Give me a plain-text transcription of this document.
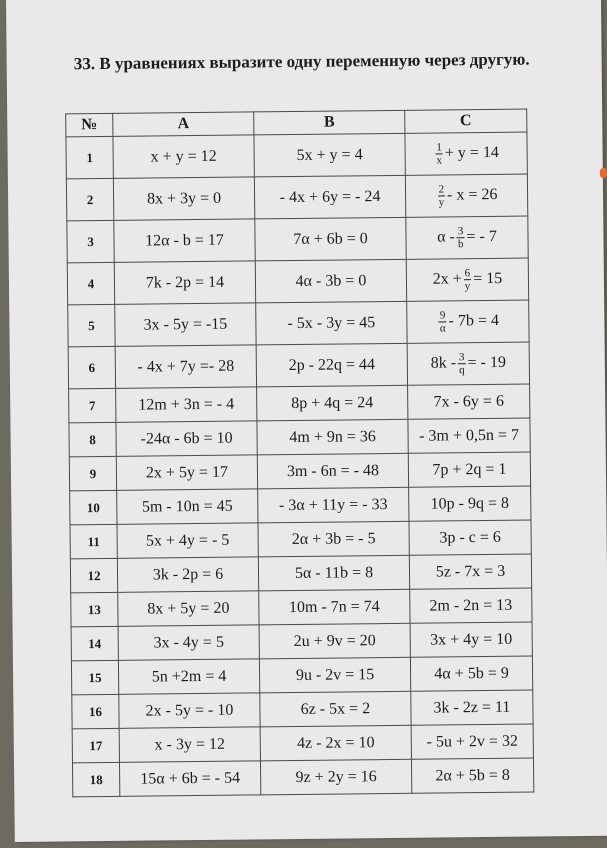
33. В уравнениях выразите одну переменную через другую.
№	A	B	C
1	x + y = 12	5x + y = 4	$\frac{1}{x} + y = 14$
2	8x + 3y = 0	- 4x + 6y = - 24	$\frac{2}{y} - x = 26$
3	12α - b = 17	7α + 6b = 0	α - $\frac{3}{b}$ = - 7
4	7k - 2p = 14	4α - 3b = 0	$2x + \frac{6}{y} = 15$
5	3x - 5y = -15	- 5x - 3y = 45	$\frac{9}{\alpha} - 7b = 4$
6	- 4x + 7y =- 28	2p - 22q = 44	$8k - \frac{3}{q}$ = - 19
7	12m + 3n = - 4	8p + 4q = 24	7x - 6y = 6
8	-24α - 6b = 10	4m + 9n = 36	- 3m + 0,5n = 7
9	2x + 5y = 17	3m - 6n = - 48	7p + 2q = 1
10	5m - 10n = 45	- 3α + 11y = - 33	10p - 9q = 8
11	5x + 4y = - 5	2α + 3b = - 5	3p - c = 6
12	3k - 2p = 6	5α - 11b = 8	5z - 7x = 3
13	8x + 5y = 20	10m - 7n = 74	2m - 2n = 13
14	3x - 4y = 5	2u + 9v = 20	3x + 4y = 10
15	5n +2m = 4	9u - 2v = 15	4α + 5b = 9
16	2x - 5y = - 10	6z - 5x = 2	3k - 2z = 11
17	x - 3y = 12	4z - 2x = 10	- 5u + 2v = 32
18	15α + 6b = - 54	9z + 2y = 16	2α + 5b = 8
